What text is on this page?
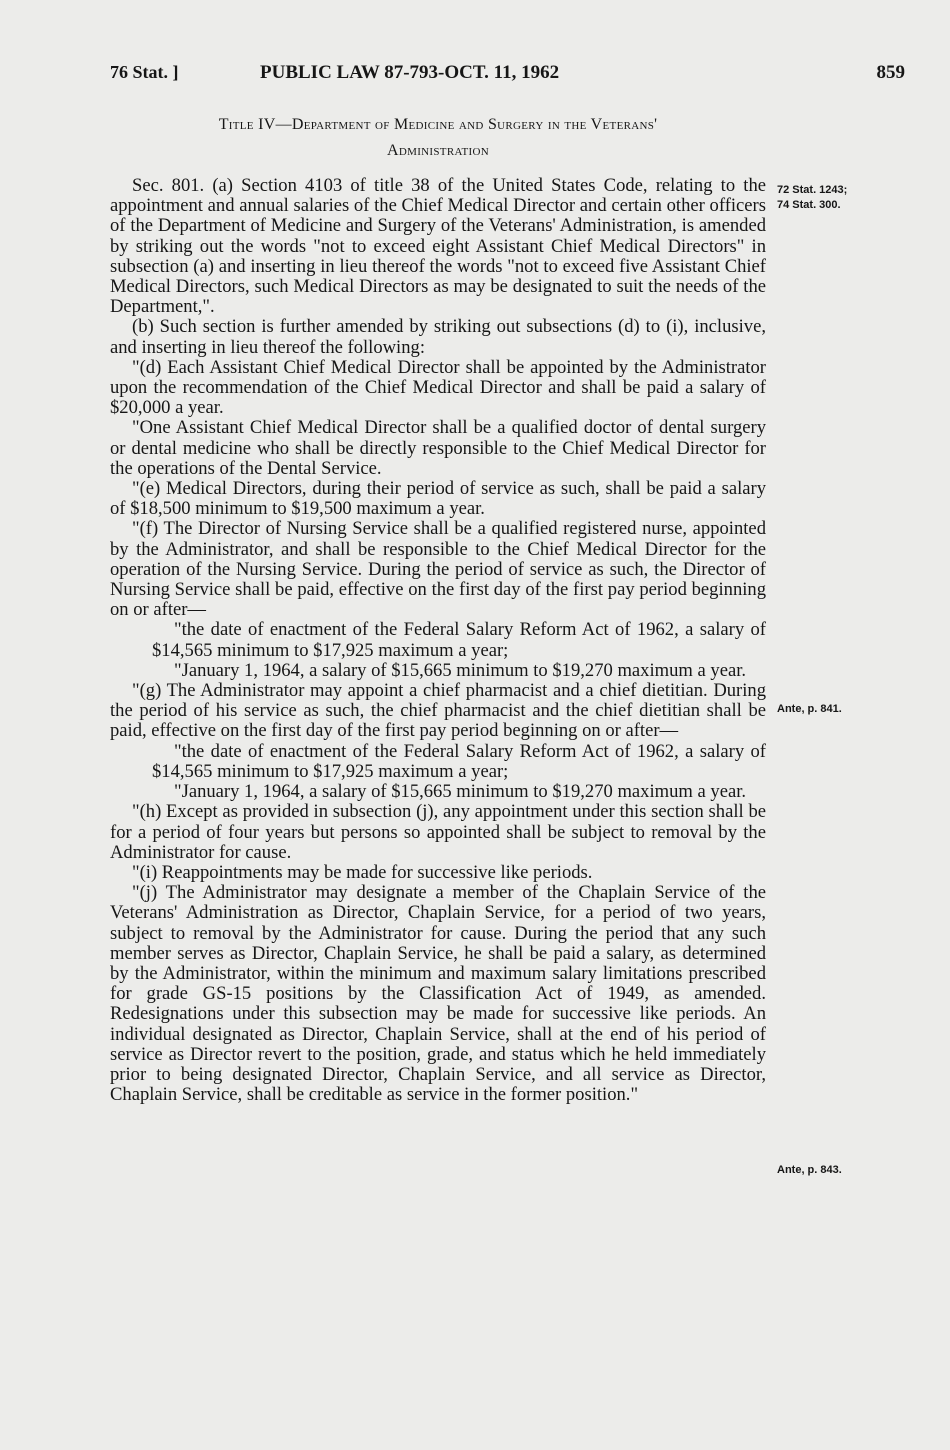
76 Stat. ]	PUBLIC LAW 87-793-OCT. 11, 1962	859
Title IV—Department of Medicine and Surgery in the Veterans'
Administration
72 Stat. 1243;
74 Stat. 300.
Ante, p. 841.
Ante, p. 843.

Sec. 801. (a) Section 4103 of title 38 of the United States Code, relating to the appointment and annual salaries of the Chief Medical Director and certain other officers of the Department of Medicine and Surgery of the Veterans' Administration, is amended by striking out the words "not to exceed eight Assistant Chief Medical Directors" in subsection (a) and inserting in lieu thereof the words "not to exceed five Assistant Chief Medical Directors, such Medical Directors as may be designated to suit the needs of the Department,".

(b) Such section is further amended by striking out subsections (d) to (i), inclusive, and inserting in lieu thereof the following:

"(d) Each Assistant Chief Medical Director shall be appointed by the Administrator upon the recommendation of the Chief Medical Director and shall be paid a salary of $20,000 a year.

"One Assistant Chief Medical Director shall be a qualified doctor of dental surgery or dental medicine who shall be directly responsible to the Chief Medical Director for the operations of the Dental Service.

"(e) Medical Directors, during their period of service as such, shall be paid a salary of $18,500 minimum to $19,500 maximum a year.

"(f) The Director of Nursing Service shall be a qualified registered nurse, appointed by the Administrator, and shall be responsible to the Chief Medical Director for the operation of the Nursing Service. During the period of service as such, the Director of Nursing Service shall be paid, effective on the first day of the first pay period beginning on or after—

"the date of enactment of the Federal Salary Reform Act of 1962, a salary of $14,565 minimum to $17,925 maximum a year;

"January 1, 1964, a salary of $15,665 minimum to $19,270 maximum a year.

"(g) The Administrator may appoint a chief pharmacist and a chief dietitian. During the period of his service as such, the chief pharmacist and the chief dietitian shall be paid, effective on the first day of the first pay period beginning on or after—

"the date of enactment of the Federal Salary Reform Act of 1962, a salary of $14,565 minimum to $17,925 maximum a year;

"January 1, 1964, a salary of $15,665 minimum to $19,270 maximum a year.

"(h) Except as provided in subsection (j), any appointment under this section shall be for a period of four years but persons so appointed shall be subject to removal by the Administrator for cause.

"(i) Reappointments may be made for successive like periods.

"(j) The Administrator may designate a member of the Chaplain Service of the Veterans' Administration as Director, Chaplain Service, for a period of two years, subject to removal by the Administrator for cause. During the period that any such member serves as Director, Chaplain Service, he shall be paid a salary, as determined by the Administrator, within the minimum and maximum salary limitations prescribed for grade GS-15 positions by the Classification Act of 1949, as amended. Redesignations under this subsection may be made for successive like periods. An individual designated as Director, Chaplain Service, shall at the end of his period of service as Director revert to the position, grade, and status which he held immediately prior to being designated Director, Chaplain Service, and all service as Director, Chaplain Service, shall be creditable as service in the former position."
